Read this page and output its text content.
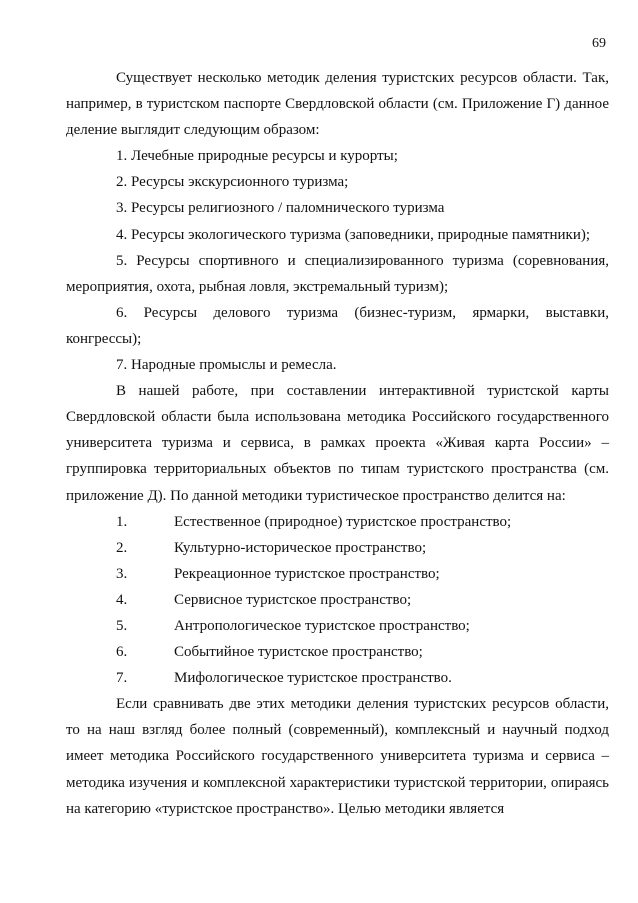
69

Существует несколько методик деления туристских ресурсов области. Так, например, в туристском паспорте Свердловской области (см. Приложение Г) данное деление выглядит следующим образом:

1. Лечебные природные ресурсы и курорты;

2. Ресурсы экскурсионного туризма;

3. Ресурсы религиозного / паломнического туризма

4. Ресурсы экологического туризма (заповедники, природные памятники);

5. Ресурсы спортивного и специализированного туризма (соревнования, мероприятия, охота, рыбная ловля, экстремальный туризм);

6. Ресурсы делового туризма (бизнес-туризм, ярмарки, выставки, конгрессы);

7. Народные промыслы и ремесла.

В нашей работе, при составлении интерактивной туристской карты Свердловской области была использована методика Российского государственного университета туризма и сервиса, в рамках проекта «Живая карта России» – группировка территориальных объектов по типам туристского пространства (см. приложение Д). По данной методики туристическое пространство делится на:

1.	Естественное (природное) туристское пространство;
2.	Культурно-историческое пространство;
3.	Рекреационное туристское пространство;
4.	Сервисное туристское пространство;
5.	Антропологическое туристское пространство;
6.	Событийное туристское пространство;
7.	Мифологическое туристское пространство.

Если сравнивать две этих методики деления туристских ресурсов области, то на наш взгляд более полный (современный), комплексный и научный подход имеет методика Российского государственного университета туризма и сервиса – методика изучения и комплексной характеристики туристской территории, опираясь на категорию «туристское пространство». Целью методики является
